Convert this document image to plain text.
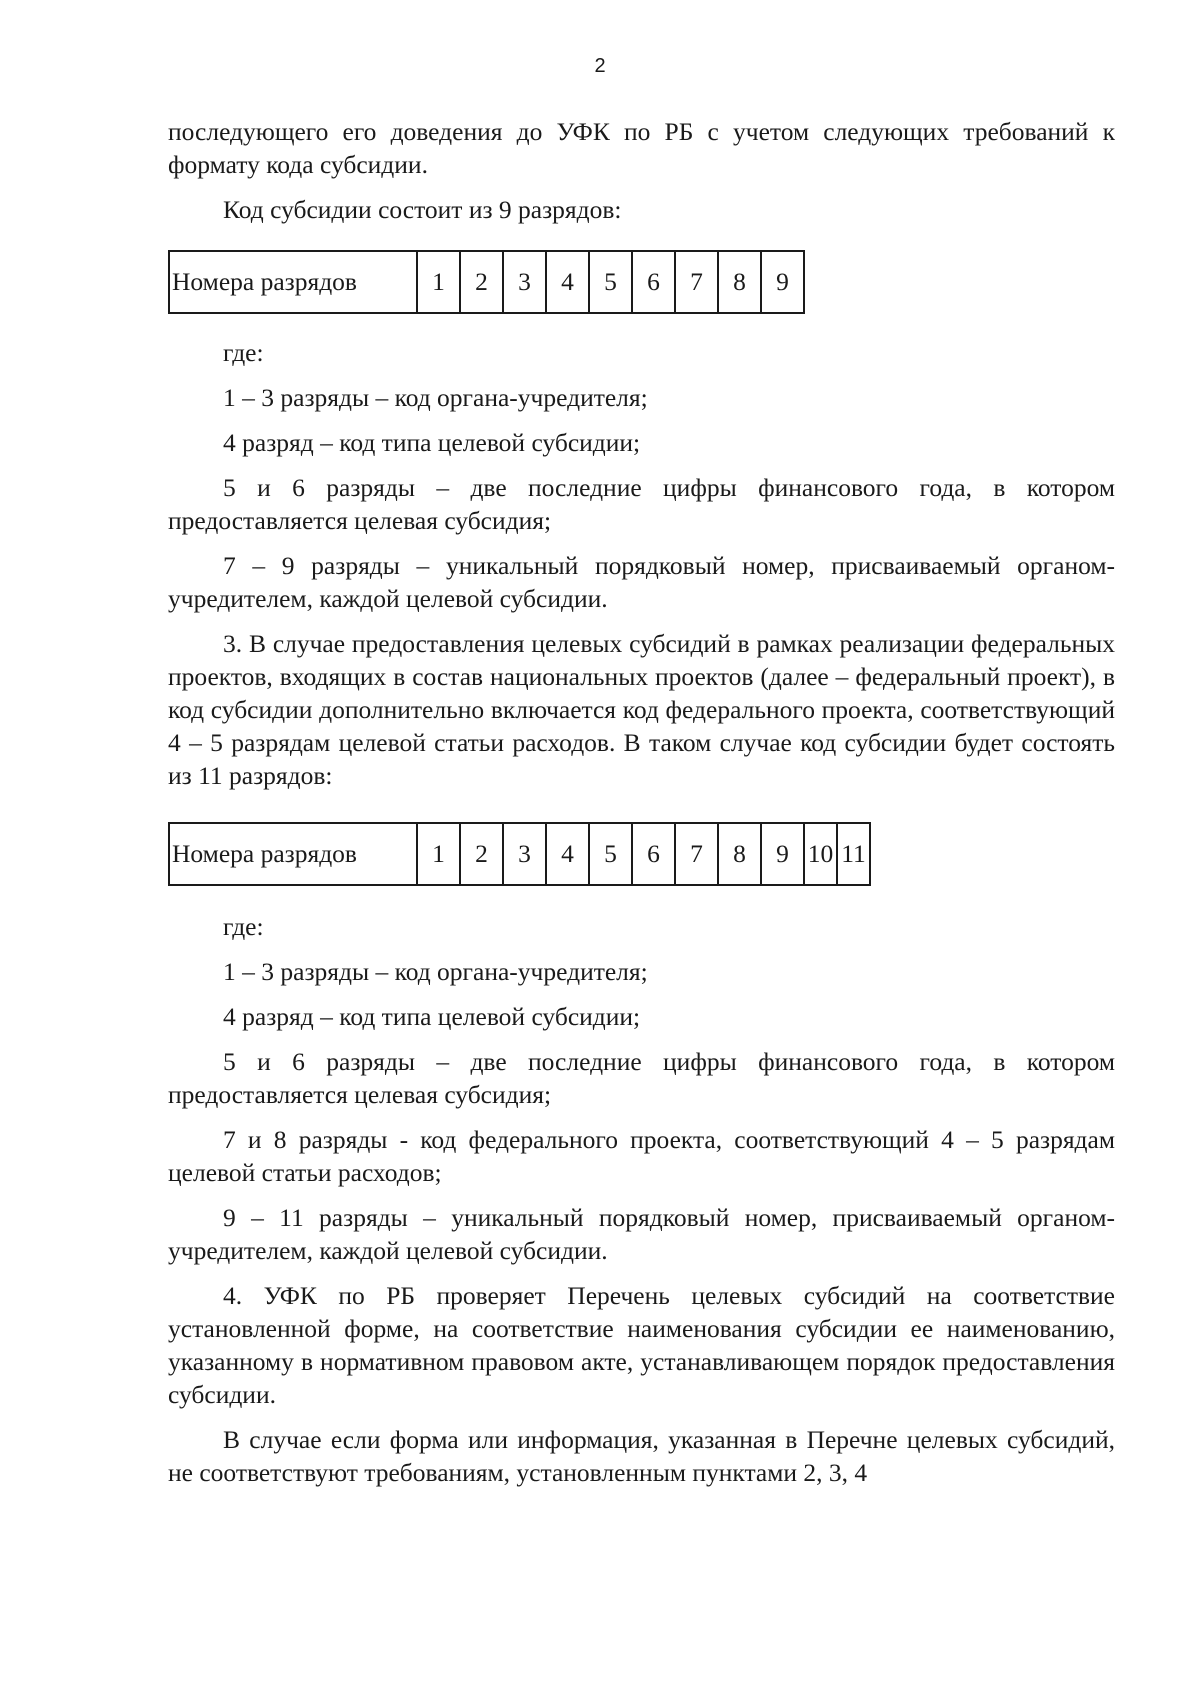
2

последующего его доведения до УФК по РБ с учетом следующих требований к формату кода субсидии.

Код субсидии состоит из 9 разрядов:

Номера разрядов	1	2	3	4	5	6	7	8	9

где:

1 – 3 разряды – код органа-учредителя;

4 разряд – код типа целевой субсидии;

5 и 6 разряды – две последние цифры финансового года, в котором предоставляется целевая субсидия;

7 – 9 разряды – уникальный порядковый номер, присваиваемый органом-учредителем, каждой целевой субсидии.

3. В случае предоставления целевых субсидий в рамках реализации федеральных проектов, входящих в состав национальных проектов (далее – федеральный проект), в код субсидии дополнительно включается код федерального проекта, соответствующий 4 – 5 разрядам целевой статьи расходов. В таком случае код субсидии будет состоять из 11 разрядов:

Номера разрядов	1	2	3	4	5	6	7	8	9	10	11

где:

1 – 3 разряды – код органа-учредителя;

4 разряд – код типа целевой субсидии;

5 и 6 разряды – две последние цифры финансового года, в котором предоставляется целевая субсидия;

7 и 8 разряды - код федерального проекта, соответствующий 4 – 5 разрядам целевой статьи расходов;

9 – 11 разряды – уникальный порядковый номер, присваиваемый органом-учредителем, каждой целевой субсидии.

4. УФК по РБ проверяет Перечень целевых субсидий на соответствие установленной форме, на соответствие наименования субсидии ее наименованию, указанному в нормативном правовом акте, устанавливающем порядок предоставления субсидии.

В случае если форма или информация, указанная в Перечне целевых субсидий, не соответствуют требованиям, установленным пунктами 2, 3, 4
